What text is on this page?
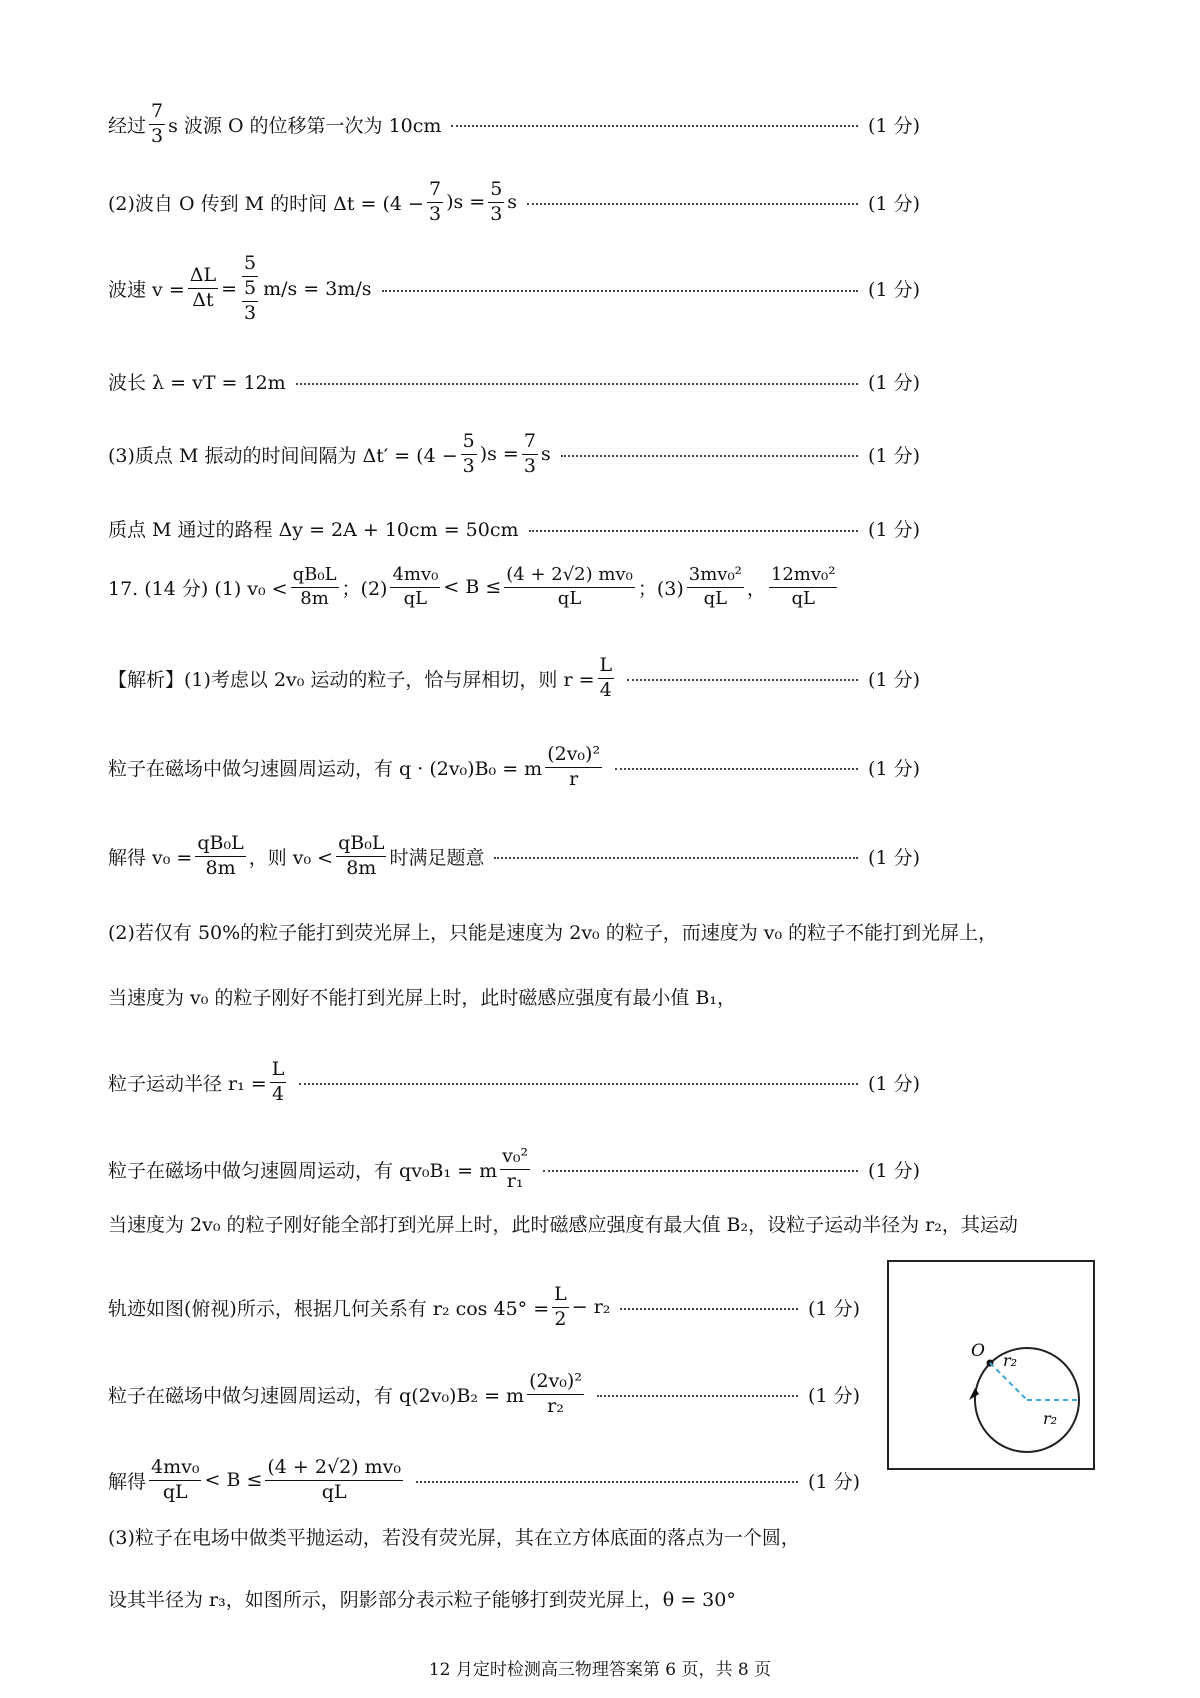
经过 $\frac{7}{3}$ s 波源 O 的位移第一次为 10cm	(1 分)
(2)波自 O 传到 M 的时间 $\Delta t = (4 - \frac{7}{3} )s = \frac{5}{3}$ s	(1 分)
波速 $v = \frac{\Delta L}{\Delta t} = \frac{5}{\frac{5}{3}} m/s = 3m/s$	(1 分)
波长 λ = vT = 12m	(1 分)
(3)质点 M 振动的时间间隔为 $\Delta t' = (4 - \frac{5}{3} )s = \frac{7}{3}$ s	(1 分)
质点 M 通过的路程 Δy = 2A + 10cm = 50cm	(1 分)
17. (14 分) (1) $v_0 < \frac{\text{qB₀L}}{8m}$ ；$(2) \frac{\text{4mv₀}}{qL} < B \le \frac{\text{(4 + 2√2) mv₀}}{qL}$ ；$(3) \frac{\text{3mv₀²}}{qL}$ ， $\frac{\text{12mv₀²}}{qL}$
【解析】(1)考虑以 2v₀ 运动的粒子，恰与屏相切，则 $r = \frac{L}{4}$	(1 分)
粒子在磁场中做匀速圆周运动，有 q · (2v₀)B₀ = m $\frac{\text{(2v₀)²}}{r}$	(1 分)
解得 $v_0 = \frac{\text{qB₀L}}{8m}$ ，则 $v_0 < \frac{\text{qB₀L}}{8m}$ 时满足题意	(1 分)
(2)若仅有 50%的粒子能打到荧光屏上，只能是速度为 2v₀ 的粒子，而速度为 v₀ 的粒子不能打到光屏上，
当速度为 v₀ 的粒子刚好不能打到光屏上时，此时磁感应强度有最小值 B₁，
粒子运动半径 $r_1 = \frac{L}{4}$	(1 分)
粒子在磁场中做匀速圆周运动，有 qv₀B₁ = m $\frac{\text{v₀²}}{\text{r₁}}$	(1 分)
当速度为 2v₀ 的粒子刚好能全部打到光屏上时，此时磁感应强度有最大值 B₂，设粒子运动半径为 r₂，其运动
轨迹如图(俯视)所示，根据几何关系有 r₂ $\cos 45^\circ = \frac{L}{2} - r_2$	(1 分)
粒子在磁场中做匀速圆周运动，有 q(2v₀)B₂ = m $\frac{\text{(2v₀)²}}{\text{r₂}}$	(1 分)
解得 $\frac{\text{4mv₀}}{qL} < B \le \frac{\text{(4 + 2√2) mv₀}}{qL}$	(1 分)
(3)粒子在电场中做类平抛运动，若没有荧光屏，其在立方体底面的落点为一个圆，
设其半径为 r₃，如图所示，阴影部分表示粒子能够打到荧光屏上，θ = 30°
O r₂
r₂
12 月定时检测高三物理答案第 6 页，共 8 页
